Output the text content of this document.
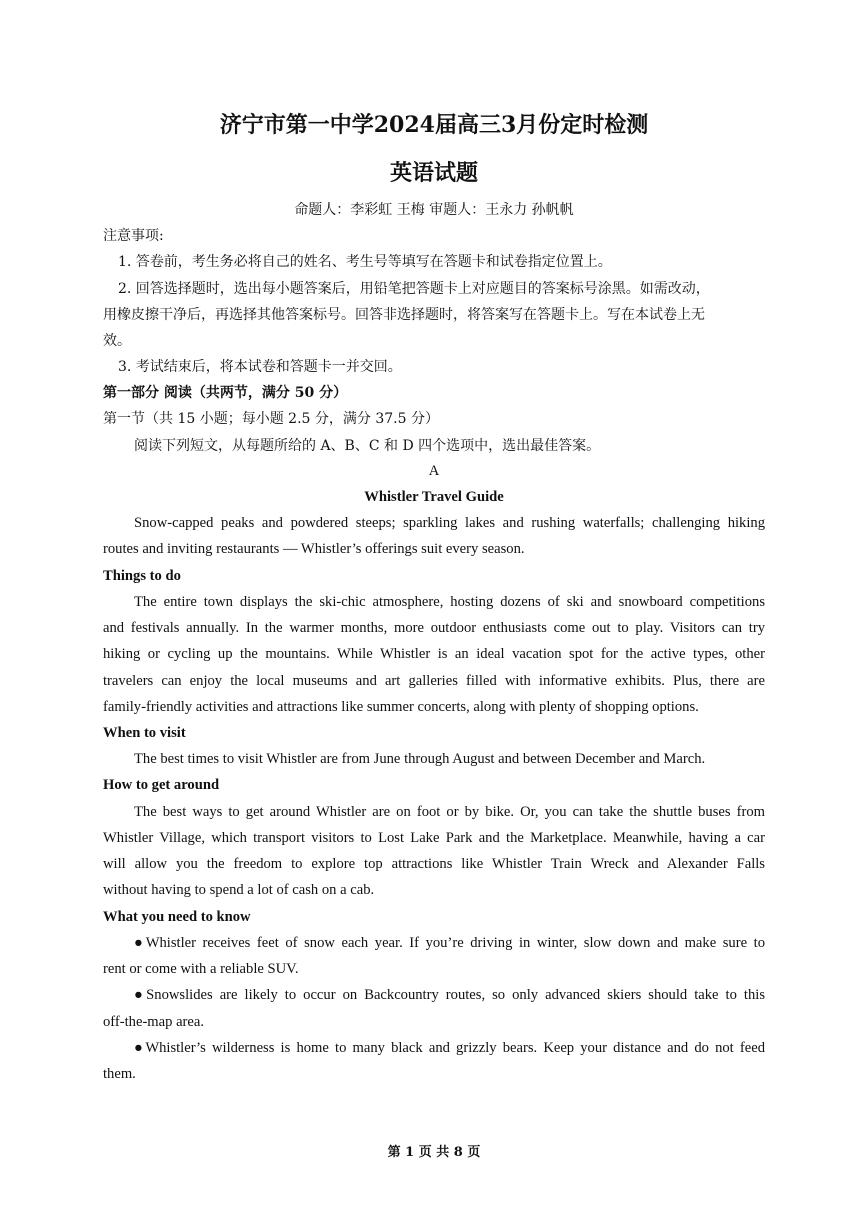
济宁市第一中学2024届高三3月份定时检测
英语试题
命题人：李彩虹 王梅 审题人：王永力 孙帆帆
注意事项:
1. 答卷前，考生务必将自己的姓名、考生号等填写在答题卡和试卷指定位置上。
2. 回答选择题时，选出每小题答案后，用铅笔把答题卡上对应题目的答案标号涂黑。如需改动，
用橡皮擦干净后，再选择其他答案标号。回答非选择题时，将答案写在答题卡上。写在本试卷上无
效。
3. 考试结束后，将本试卷和答题卡一并交回。
第一部分 阅读（共两节，满分 50 分）
第一节（共 15 小题；每小题 2.5 分，满分 37.5 分）
阅读下列短文，从每题所给的 A、B、C 和 D 四个选项中，选出最佳答案。
A
Whistler Travel Guide
Snow-capped peaks and powdered steeps; sparkling lakes and rushing waterfalls; challenging hiking
routes and inviting restaurants — Whistler’s offerings suit every season.
Things to do
The entire town displays the ski-chic atmosphere, hosting dozens of ski and snowboard competitions
and festivals annually. In the warmer months, more outdoor enthusiasts come out to play. Visitors can try
hiking or cycling up the mountains. While Whistler is an ideal vacation spot for the active types, other
travelers can enjoy the local museums and art galleries filled with informative exhibits. Plus, there are
family-friendly activities and attractions like summer concerts, along with plenty of shopping options.
When to visit
The best times to visit Whistler are from June through August and between December and March.
How to get around
The best ways to get around Whistler are on foot or by bike. Or, you can take the shuttle buses from
Whistler Village, which transport visitors to Lost Lake Park and the Marketplace. Meanwhile, having a car
will allow you the freedom to explore top attractions like Whistler Train Wreck and Alexander Falls
without having to spend a lot of cash on a cab.
What you need to know
●Whistler receives feet of snow each year. If you’re driving in winter, slow down and make sure to
rent or come with a reliable SUV.
●Snowslides are likely to occur on Backcountry routes, so only advanced skiers should take to this
off-the-map area.
●Whistler’s wilderness is home to many black and grizzly bears. Keep your distance and do not feed
them.
第 1 页 共 8 页
